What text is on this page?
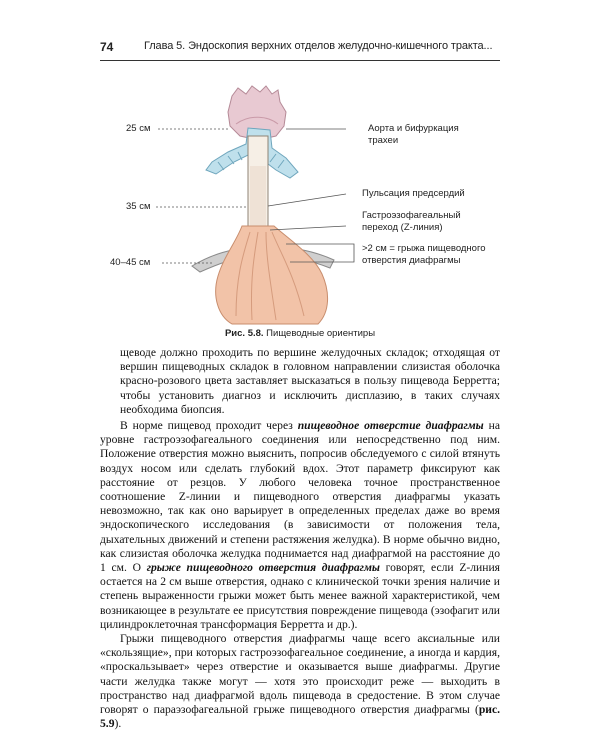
74	Глава 5. Эндоскопия верхних отделов желудочно-кишечного тракта...
25 см
35 см
40–45 см
Аорта и бифуркация
трахеи
Пульсация предсердий
Гастроэзофагеальный
переход (Z-линия)
>2 см = грыжа пищеводного
отверстия диафрагмы
Рис. 5.8. Пищеводные ориентиры

щеводе должно проходить по вершине желудочных складок; отходящая от вершин пищеводных складок в головном направлении слизистая оболочка красно-розового цвета заставляет высказаться в пользу пищевода Берретта; чтобы установить диагноз и исключить дисплазию, в таких случаях необходима биопсия.

В норме пищевод проходит через пищеводное отверстие диафрагмы на уровне гастроэзофагеального соединения или непосредственно под ним. Положение отверстия можно выяснить, попросив обследуемого с силой втянуть воздух носом или сделать глубокий вдох. Этот параметр фиксируют как расстояние от резцов. У любого человека точное пространственное соотношение Z-линии и пищеводного отверстия диафрагмы указать невозможно, так как оно варьирует в определенных пределах даже во время эндоскопического исследования (в зависимости от положения тела, дыхательных движений и степени растяжения желудка). В норме обычно видно, как слизистая оболочка желудка поднимается над диафрагмой на расстояние до 1 см. О грыже пищеводного отверстия диафрагмы говорят, если Z-линия остается на 2 см выше отверстия, однако с клинической точки зрения наличие и степень выраженности грыжи может быть менее важной характеристикой, чем возникающее в результате ее присутствия повреждение пищевода (эзофагит или цилиндроклеточная трансформация Берретта и др.).

Грыжи пищеводного отверстия диафрагмы чаще всего аксиальные или «скользящие», при которых гастроэзофагеальное соединение, а иногда и кардия, «проскальзывает» через отверстие и оказывается выше диафрагмы. Другие части желудка также могут — хотя это происходит реже — выходить в пространство над диафрагмой вдоль пищевода в средостение. В этом случае говорят о параэзофагеальной грыже пищеводного отверстия диафрагмы (рис. 5.9).
